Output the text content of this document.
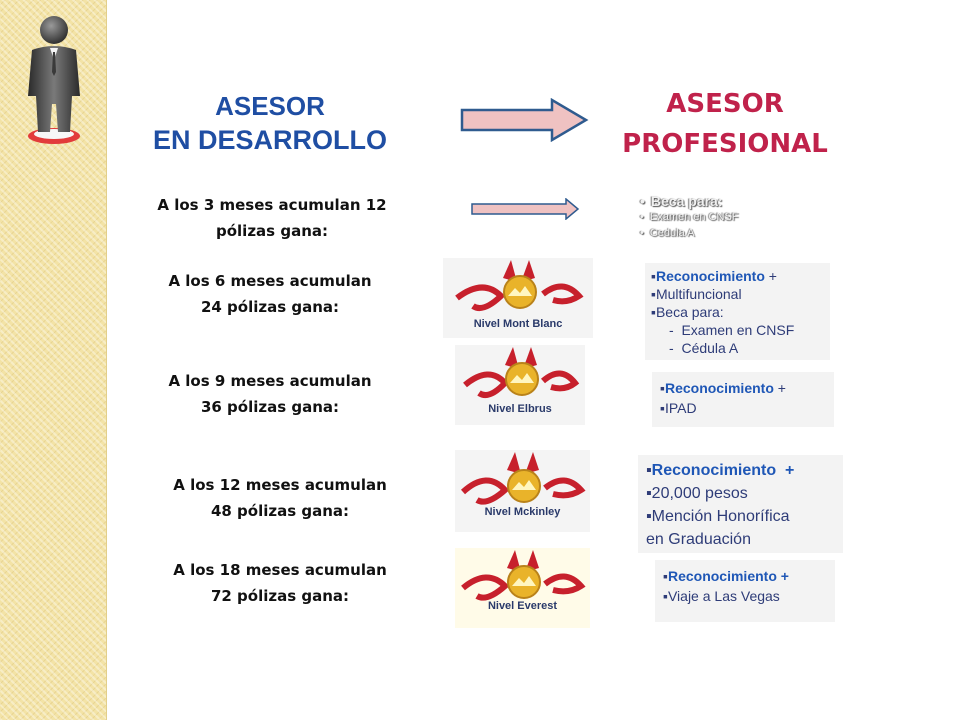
ASESOR
EN DESARROLLO
ASESOR
PROFESIONAL
A los 3 meses acumulan 12
pólizas gana:
A los 6 meses acumulan
24 pólizas gana:
A los 9 meses acumulan
36 pólizas gana:
A los 12 meses acumulan
48 pólizas gana:
A los 18 meses acumulan
72 pólizas gana:
Nivel Mont Blanc
Nivel Elbrus
Nivel Mckinley
Nivel Everest
• Beca para:
• Examen en CNSF
• Cedula A
▪Reconocimiento +
▪Multifuncional
▪Beca para:
-  Examen en CNSF
-  Cédula A
▪Reconocimiento +
▪IPAD
▪Reconocimiento +
▪20,000 pesos
▪Mención Honorífica
en Graduación
▪Reconocimiento +
▪Viaje a Las Vegas
